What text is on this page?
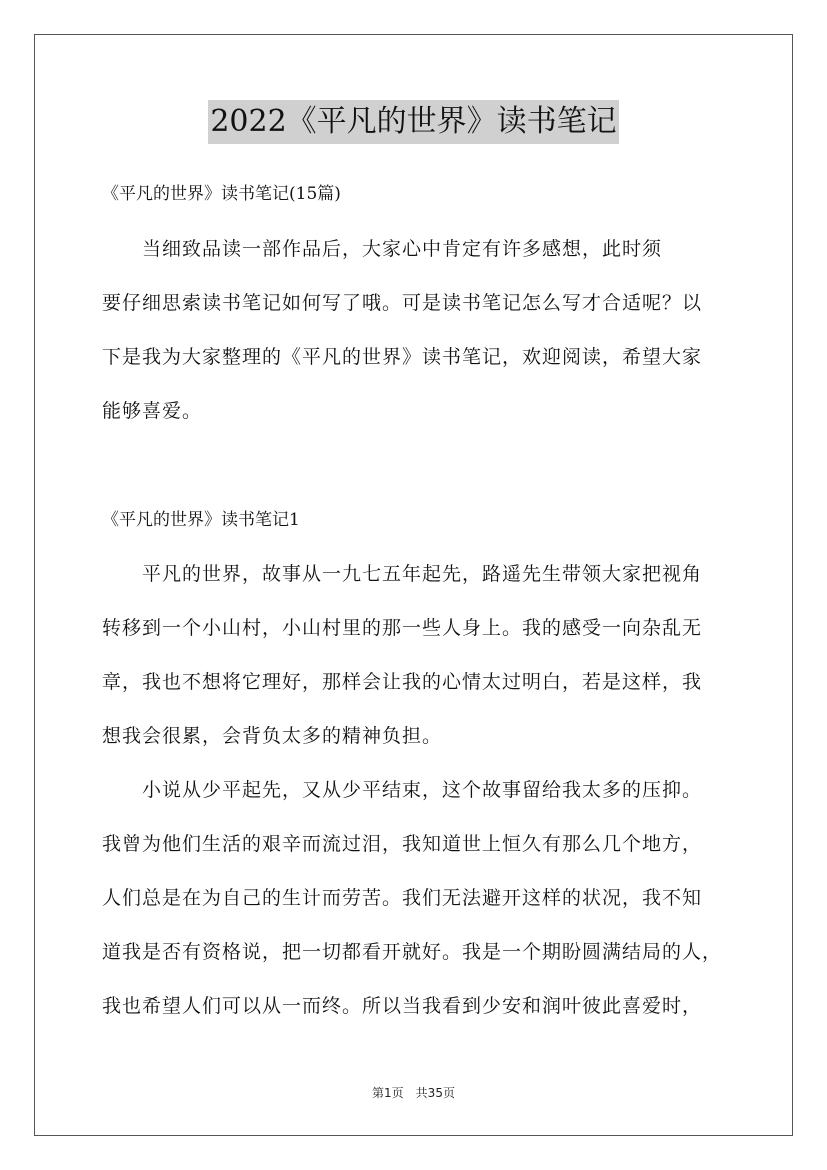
2022《平凡的世界》读书笔记
《平凡的世界》读书笔记(15篇)
　　当细致品读一部作品后，大家心中肯定有许多感想，此时须
要仔细思索读书笔记如何写了哦。可是读书笔记怎么写才合适呢？以
下是我为大家整理的《平凡的世界》读书笔记，欢迎阅读，希望大家
能够喜爱。
《平凡的世界》读书笔记1
　　平凡的世界，故事从一九七五年起先，路遥先生带领大家把视角
转移到一个小山村，小山村里的那一些人身上。我的感受一向杂乱无
章，我也不想将它理好，那样会让我的心情太过明白，若是这样，我
想我会很累，会背负太多的精神负担。
　　小说从少平起先，又从少平结束，这个故事留给我太多的压抑。
我曾为他们生活的艰辛而流过泪，我知道世上恒久有那么几个地方，
人们总是在为自己的生计而劳苦。我们无法避开这样的状况，我不知
道我是否有资格说，把一切都看开就好。我是一个期盼圆满结局的人，
我也希望人们可以从一而终。所以当我看到少安和润叶彼此喜爱时，
第1页　共35页
